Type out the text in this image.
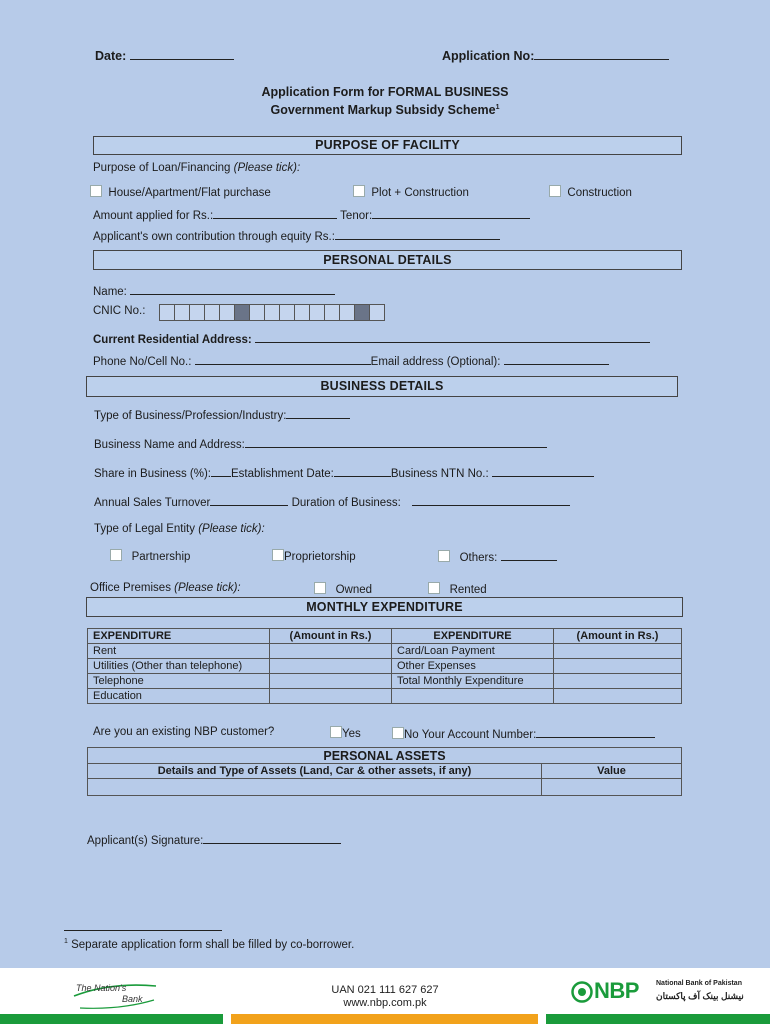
Date:	Application No:
Application Form for FORMAL BUSINESS
Government Markup Subsidy Scheme$^1$
PURPOSE OF FACILITY
Purpose of Loan/Financing (Please tick):
House/Apartment/Flat purchase	Plot + Construction	Construction
Amount applied for Rs.:	Tenor:
Applicant's own contribution through equity Rs.:
PERSONAL DETAILS
Name:
CNIC No.:
Current Residential Address:
Phone No/Cell No.:	Email address (Optional):
BUSINESS DETAILS
Type of Business/Profession/Industry:
Business Name and Address:
Share in Business (%): Establishment Date:	Business NTN No.:
Annual Sales Turnover	Duration of Business:
Type of Legal Entity (Please tick):
Partnership	Proprietorship	Others:
Office Premises (Please tick):	Owned	Rented
MONTHLY EXPENDITURE
EXPENDITURE	(Amount in Rs.)	EXPENDITURE	(Amount in Rs.)
Rent		Card/Loan Payment	
Utilities (Other than telephone)		Other Expenses	
Telephone		Total Monthly Expenditure	
Education			
Are you an existing NBP customer?	Yes	No Your Account Number:
PERSONAL ASSETS	
Details and Type of Assets (Land, Car & other assets, if any)	Value

Applicant(s) Signature:
$^1$ Separate application form shall be filled by co-borrower.
The Nation's
Bank
UAN 021 111 627 627
www.nbp.com.pk	NBP National Bank of Pakistan
نیشنل بینک آف پاکستان
